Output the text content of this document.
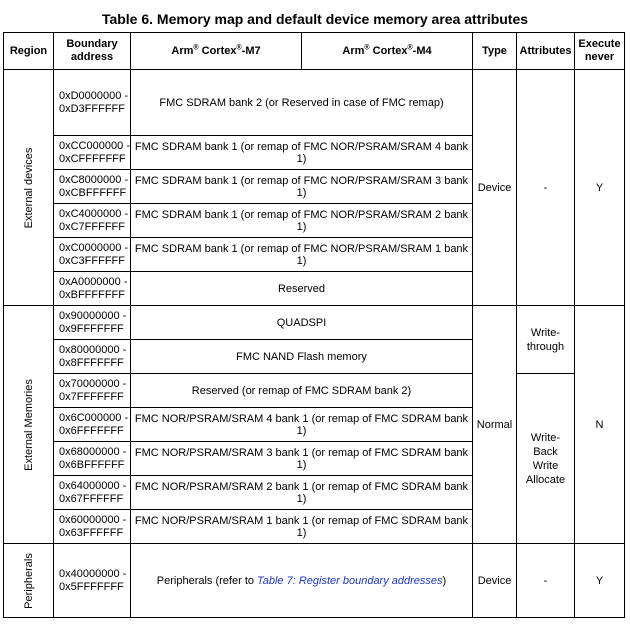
Table 6. Memory map and default device memory area attributes
Region	Boundary
address	Arm® Cortex®-M7	Arm® Cortex®-M4	Type	Attributes	Execute
never

External devices	0xD0000000 -
0xD3FFFFFF	FMC SDRAM bank 2 (or Reserved in case of FMC remap)		Device	-	Y
	0xCC000000 -
0xCFFFFFFF	FMC SDRAM bank 1 (or remap of FMC NOR/PSRAM/SRAM 4 bank 1)				
	0xC8000000 -
0xCBFFFFFF	FMC SDRAM bank 1 (or remap of FMC NOR/PSRAM/SRAM 3 bank 1)				
	0xC4000000 -
0xC7FFFFFF	FMC SDRAM bank 1 (or remap of FMC NOR/PSRAM/SRAM 2 bank 1)				
	0xC0000000 -
0xC3FFFFFF	FMC SDRAM bank 1 (or remap of FMC NOR/PSRAM/SRAM 1 bank 1)				
	0xA0000000 -
0xBFFFFFFF	Reserved				

External Memories	0x90000000 -
0x9FFFFFFF	QUADSPI		Normal	Write-
through	N
	0x80000000 -
0x8FFFFFFF	FMC NAND Flash memory				
	0x70000000 -
0x7FFFFFFF	Reserved (or remap of FMC SDRAM bank 2)			Write-
Back
Write
Allocate	
	0x6C000000 -
0x6FFFFFFF	FMC NOR/PSRAM/SRAM 4 bank 1 (or remap of FMC SDRAM bank 1)				
	0x68000000 -
0x6BFFFFFF	FMC NOR/PSRAM/SRAM 3 bank 1 (or remap of FMC SDRAM bank 1)				
	0x64000000 -
0x67FFFFFF	FMC NOR/PSRAM/SRAM 2 bank 1 (or remap of FMC SDRAM bank 1)				
	0x60000000 -
0x63FFFFFF	FMC NOR/PSRAM/SRAM 1 bank 1 (or remap of FMC SDRAM bank 1)				

Peripherals	0x40000000 -
0x5FFFFFFF	Peripherals (refer to Table 7: Register boundary addresses)		Device	-	Y
